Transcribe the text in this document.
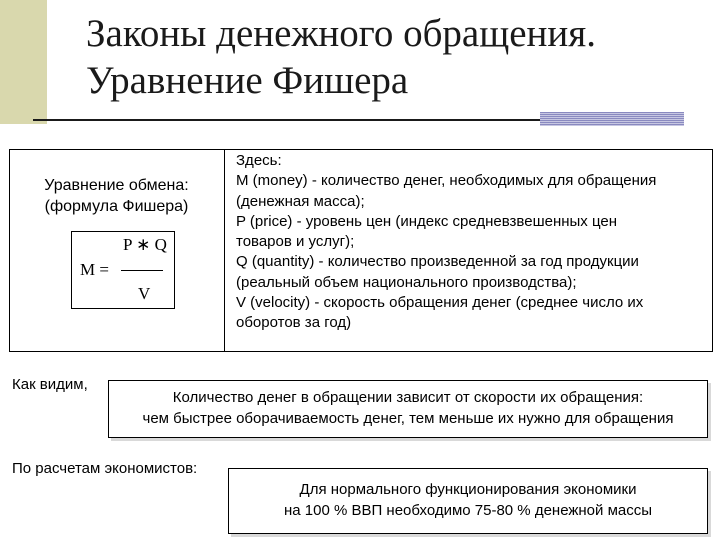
Законы денежного обращения.
Уравнение Фишера
Уравнение обмена:
(формула Фишера)
P ∗ Q
M =
V
Здесь:
M (money) - количество денег, необходимых для обращения
(денежная масса);
P (price) - уровень цен (индекс средневзвешенных цен
товаров и услуг);
Q (quantity) - количество произведенной за год продукции
(реальный объем национального производства);
V (velocity) - скорость обращения денег (среднее число их
оборотов за год)
Как видим,
Количество денег в обращении зависит от скорости их обращения:
чем быстрее оборачиваемость денег, тем меньше их нужно для обращения
По расчетам экономистов:
Для нормального функционирования экономики
на 100 % ВВП необходимо 75-80 % денежной массы
